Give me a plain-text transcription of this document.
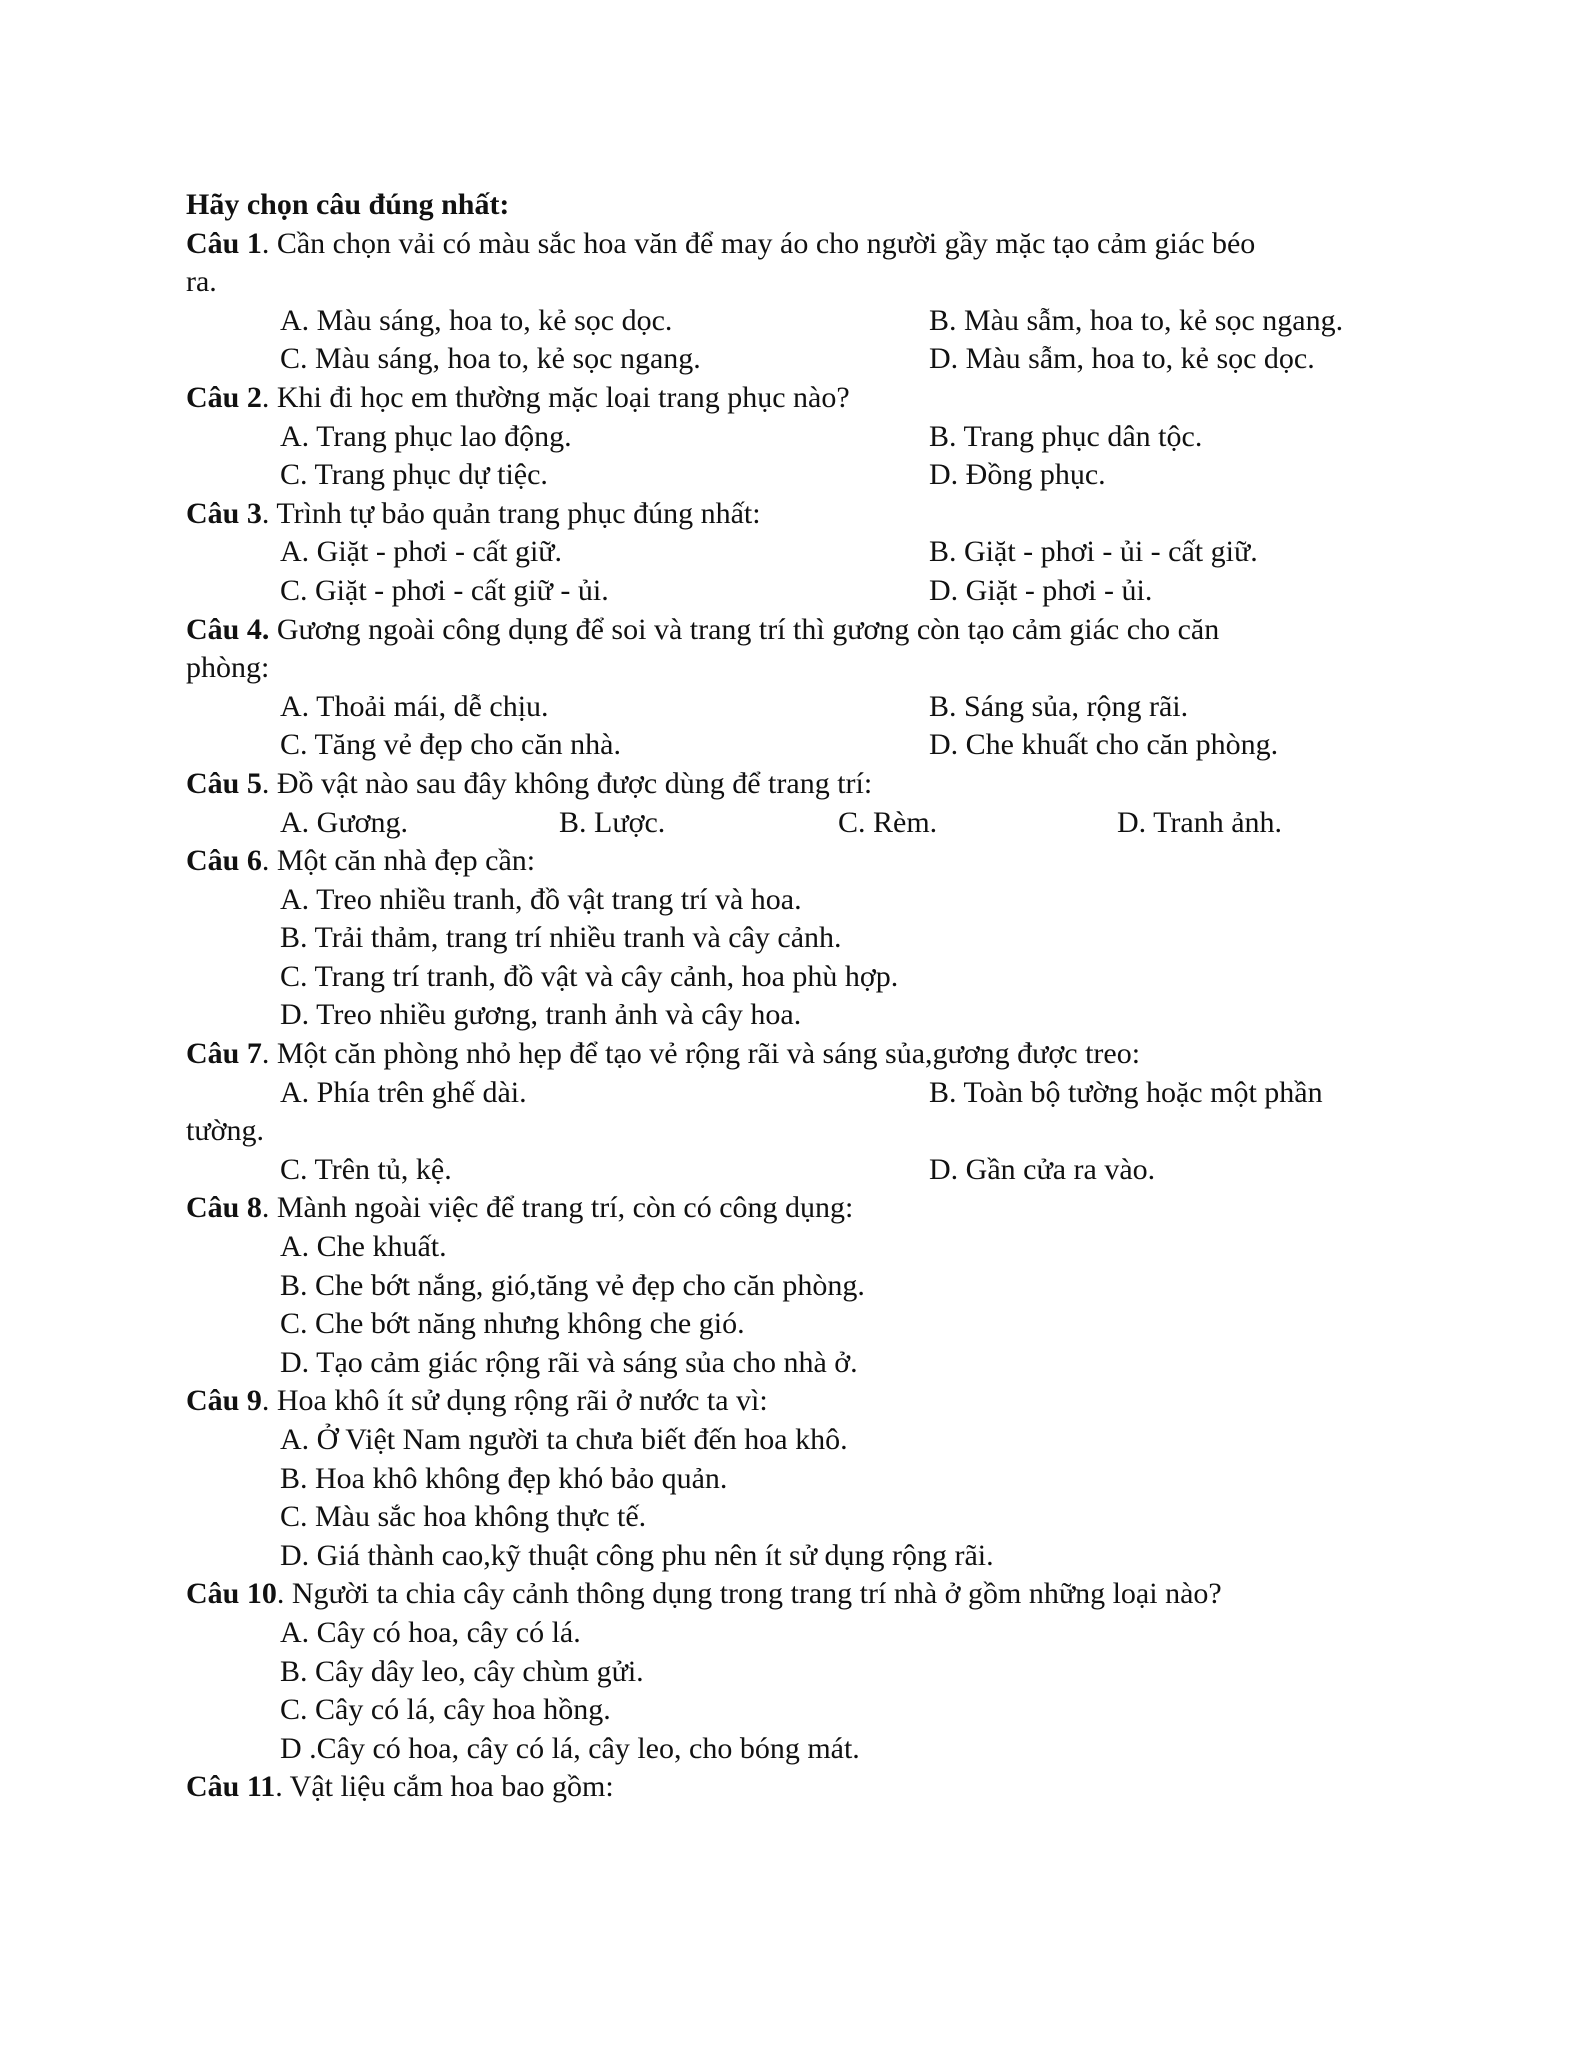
Hãy chọn câu đúng nhất:
Câu 1. Cần chọn vải có màu sắc hoa văn để may áo cho người gầy mặc tạo cảm giác béo
ra.
A. Màu sáng, hoa to, kẻ sọc dọc.	B. Màu sẫm, hoa to, kẻ sọc ngang.
C. Màu sáng, hoa to, kẻ sọc ngang.	D. Màu sẫm, hoa to, kẻ sọc dọc.
Câu 2. Khi đi học em thường mặc loại trang phục nào?
A. Trang phục lao động.	B. Trang phục dân tộc.
C. Trang phục dự tiệc.	D. Đồng phục.
Câu 3. Trình tự bảo quản trang phục đúng nhất:
A. Giặt - phơi - cất giữ.	B. Giặt - phơi - ủi - cất giữ.
C. Giặt - phơi - cất giữ - ủi.	D. Giặt - phơi - ủi.
Câu 4. Gương ngoài công dụng để soi và trang trí thì gương còn tạo cảm giác cho căn
phòng:
A. Thoải mái, dễ chịu.	B. Sáng sủa, rộng rãi.
C. Tăng vẻ đẹp cho căn nhà.	D. Che khuất cho căn phòng.
Câu 5. Đồ vật nào sau đây không được dùng để trang trí:
A. Gương.	B. Lược.	C. Rèm.	D. Tranh ảnh.
Câu 6. Một căn nhà đẹp cần:
A. Treo nhiều tranh, đồ vật trang trí và hoa.
B. Trải thảm, trang trí nhiều tranh và cây cảnh.
C. Trang trí tranh, đồ vật và cây cảnh, hoa phù hợp.
D. Treo nhiều gương, tranh ảnh và cây hoa.
Câu 7. Một căn phòng nhỏ hẹp để tạo vẻ rộng rãi và sáng sủa,gương được treo:
A. Phía trên ghế dài.	B. Toàn bộ tường hoặc một phần
tường.
C. Trên tủ, kệ.	D. Gần cửa ra vào.
Câu 8. Mành ngoài việc để trang trí, còn có công dụng:
A. Che khuất.
B. Che bớt nắng, gió,tăng vẻ đẹp cho căn phòng.
C. Che bớt năng nhưng không che gió.
D. Tạo cảm giác rộng rãi và sáng sủa cho nhà ở.
Câu 9. Hoa khô ít sử dụng rộng rãi ở nước ta vì:
A. Ở Việt Nam người ta chưa biết đến hoa khô.
B. Hoa khô không đẹp khó bảo quản.
C. Màu sắc hoa không thực tế.
D. Giá thành cao,kỹ thuật công phu nên ít sử dụng rộng rãi.
Câu 10. Người ta chia cây cảnh thông dụng trong trang trí nhà ở gồm những loại nào?
A. Cây có hoa, cây có lá.
B. Cây dây leo, cây chùm gửi.
C. Cây có lá, cây hoa hồng.
D .Cây có hoa, cây có lá, cây leo, cho bóng mát.
Câu 11. Vật liệu cắm hoa bao gồm:
